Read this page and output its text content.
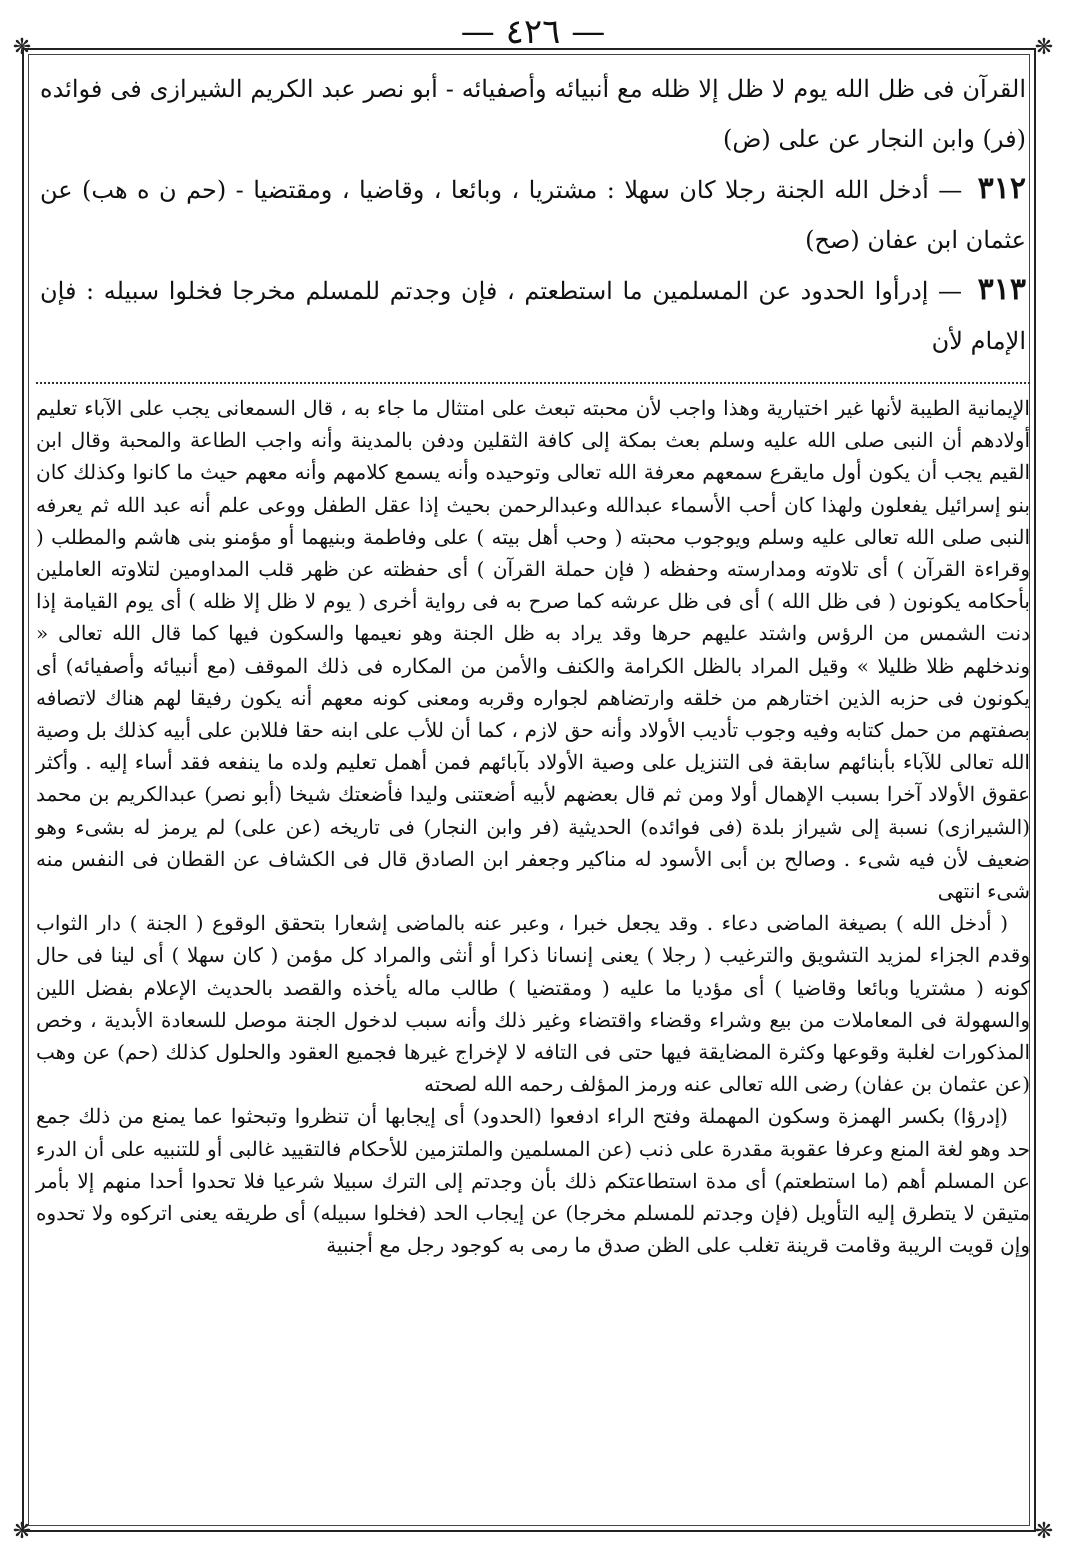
— ٤٢٦ —
❋	❋
❋	❋

القرآن فى ظل الله يوم لا ظل إلا ظله مع أنبيائه وأصفيائه - أبو نصر عبد الكريم الشيرازى فى فوائده (فر) وابن النجار عن على (ض)

٣١٢ — أدخل الله الجنة رجلا كان سهلا : مشتريا ، وبائعا ، وقاضيا ، ومقتضيا - (حم ن ه هب) عن عثمان ابن عفان (صح)

٣١٣ — إدرأوا الحدود عن المسلمين ما استطعتم ، فإن وجدتم للمسلم مخرجا فخلوا سبيله : فإن الإمام لأن

الإيمانية الطيبة لأنها غير اختيارية وهذا واجب لأن محبته تبعث على امتثال ما جاء به ، قال السمعانى يجب على الآباء تعليم أولادهم أن النبى صلى الله عليه وسلم بعث بمكة إلى كافة الثقلين ودفن بالمدينة وأنه واجب الطاعة والمحبة وقال ابن القيم يجب أن يكون أول مايقرع سمعهم معرفة الله تعالى وتوحيده وأنه يسمع كلامهم وأنه معهم حيث ما كانوا وكذلك كان بنو إسرائيل يفعلون ولهذا كان أحب الأسماء عبدالله وعبدالرحمن بحيث إذا عقل الطفل ووعى علم أنه عبد الله ثم يعرفه النبى صلى الله تعالى عليه وسلم ويوجوب محبته ( وحب أهل بيته ) على وفاطمة وبنيهما أو مؤمنو بنى هاشم والمطلب ( وقراءة القرآن ) أى تلاوته ومدارسته وحفظه ( فإن حملة القرآن ) أى حفظته عن ظهر قلب المداومين لتلاوته العاملين بأحكامه يكونون ( فى ظل الله ) أى فى ظل عرشه كما صرح به فى رواية أخرى ( يوم لا ظل إلا ظله ) أى يوم القيامة إذا دنت الشمس من الرؤس واشتد عليهم حرها وقد يراد به ظل الجنة وهو نعيمها والسكون فيها كما قال الله تعالى « وندخلهم ظلا ظليلا » وقيل المراد بالظل الكرامة والكنف والأمن من المكاره فى ذلك الموقف (مع أنبيائه وأصفيائه) أى يكونون فى حزبه الذين اختارهم من خلقه وارتضاهم لجواره وقربه ومعنى كونه معهم أنه يكون رفيقا لهم هناك لاتصافه بصفتهم من حمل كتابه وفيه وجوب تأديب الأولاد وأنه حق لازم ، كما أن للأب على ابنه حقا فللابن على أبيه كذلك بل وصية الله تعالى للآباء بأبنائهم سابقة فى التنزيل على وصية الأولاد بآبائهم فمن أهمل تعليم ولده ما ينفعه فقد أساء إليه . وأكثر عقوق الأولاد آخرا بسبب الإهمال أولا ومن ثم قال بعضهم لأبيه أضعتنى وليدا فأضعتك شيخا (أبو نصر) عبدالكريم بن محمد (الشيرازى) نسبة إلى شيراز بلدة (فى فوائده) الحديثية (فر وابن النجار) فى تاريخه (عن على) لم يرمز له بشىء وهو ضعيف لأن فيه شىء . وصالح بن أبى الأسود له مناكير وجعفر ابن الصادق قال فى الكشاف عن القطان فى النفس منه شىء انتهى

( أدخل الله ) بصيغة الماضى دعاء . وقد يجعل خبرا ، وعبر عنه بالماضى إشعارا بتحقق الوقوع ( الجنة ) دار الثواب وقدم الجزاء لمزيد التشويق والترغيب ( رجلا ) يعنى إنسانا ذكرا أو أنثى والمراد كل مؤمن ( كان سهلا ) أى لينا فى حال كونه ( مشتريا وبائعا وقاضيا ) أى مؤديا ما عليه ( ومقتضيا ) طالب ماله يأخذه والقصد بالحديث الإعلام بفضل اللين والسهولة فى المعاملات من بيع وشراء وقضاء واقتضاء وغير ذلك وأنه سبب لدخول الجنة موصل للسعادة الأبدية ، وخص المذكورات لغلبة وقوعها وكثرة المضايقة فيها حتى فى التافه لا لإخراج غيرها فجميع العقود والحلول كذلك (حم) عن وهب (عن عثمان بن عفان) رضى الله تعالى عنه ورمز المؤلف رحمه الله لصحته

(إدرؤا) بكسر الهمزة وسكون المهملة وفتح الراء ادفعوا (الحدود) أى إيجابها أن تنظروا وتبحثوا عما يمنع من ذلك جمع حد وهو لغة المنع وعرفا عقوبة مقدرة على ذنب (عن المسلمين والملتزمين للأحكام فالتقييد غالبى أو للتنبيه على أن الدرء عن المسلم أهم (ما استطعتم) أى مدة استطاعتكم ذلك بأن وجدتم إلى الترك سبيلا شرعيا فلا تحدوا أحدا منهم إلا بأمر متيقن لا يتطرق إليه التأويل (فإن وجدتم للمسلم مخرجا) عن إيجاب الحد (فخلوا سبيله) أى طريقه يعنى اتركوه ولا تحدوه وإن قويت الريبة وقامت قرينة تغلب على الظن صدق ما رمى به كوجود رجل مع أجنبية
